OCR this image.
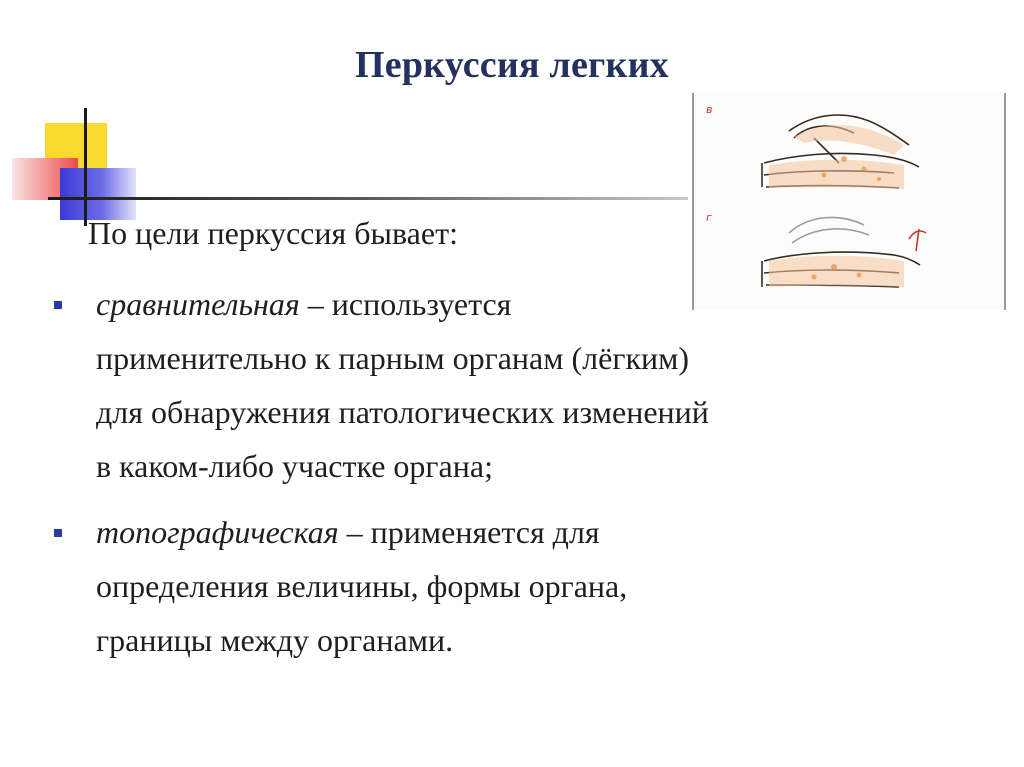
Перкуссия легких
в
г
По цели перкуссия бывает:
сравнительная – используется
применительно к парным органам (лёгким)
для обнаружения патологических изменений
в каком-либо участке органа;
топографическая – применяется для
определения величины, формы органа,
границы между органами.
